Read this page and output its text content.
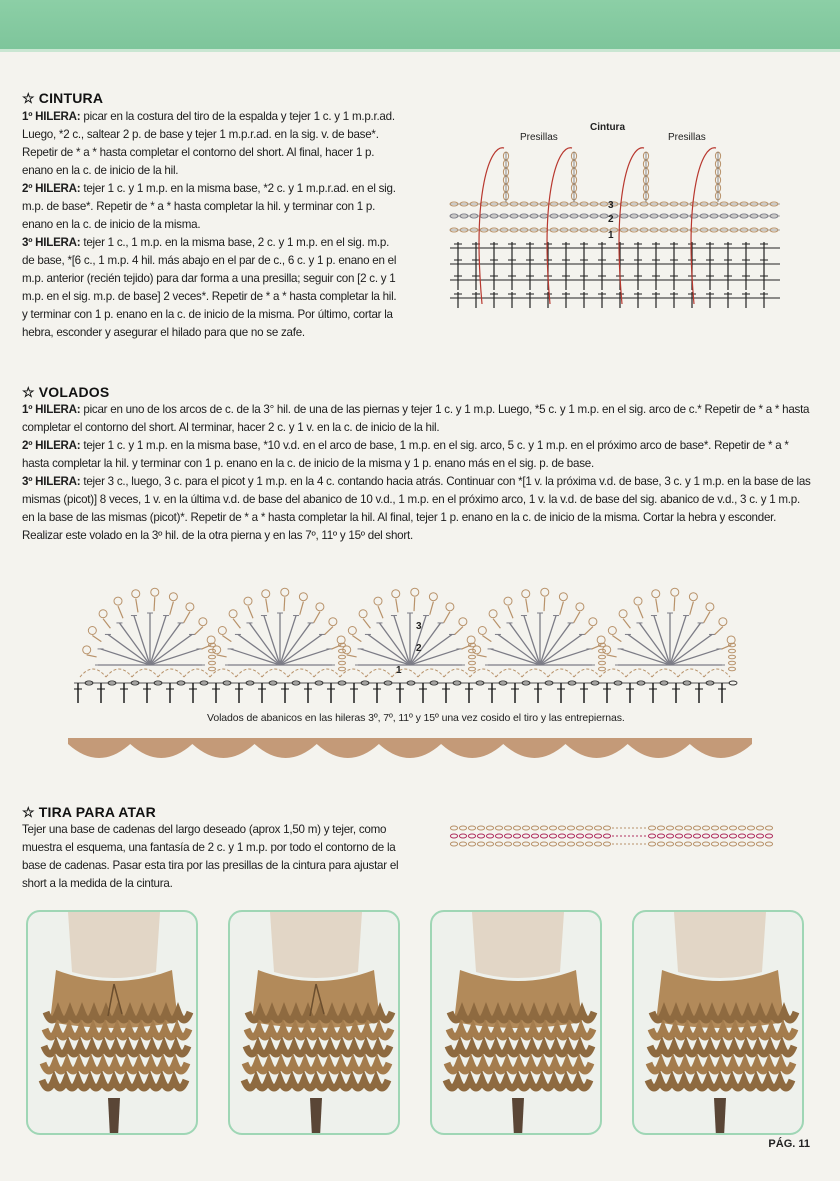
☆ CINTURA
1º HILERA: picar en la costura del tiro de la espalda y tejer 1 c. y 1 m.p.r.ad. Luego, *2 c., saltear 2 p. de base y tejer 1 m.p.r.ad. en la sig. v. de base*. Repetir de * a * hasta completar el contorno del short. Al final, hacer 1 p. enano en la c. de inicio de la hil.
2º HILERA: tejer 1 c. y 1 m.p. en la misma base, *2 c. y 1 m.p.r.ad. en el sig. m.p. de base*. Repetir de * a * hasta completar la hil. y terminar con 1 p. enano en la c. de inicio de la misma.
3º HILERA: tejer 1 c., 1 m.p. en la misma base, 2 c. y 1 m.p. en el sig. m.p. de base, *[6 c., 1 m.p. 4 hil. más abajo en el par de c., 6 c. y 1 p. enano en el m.p. anterior (recién tejido) para dar forma a una presilla; seguir con [2 c. y 1 m.p. en el sig. m.p. de base] 2 veces*. Repetir de * a * hasta completar la hil. y terminar con 1 p. enano en la c. de inicio de la misma. Por último, cortar la hebra, esconder y asegurar el hilado para que no se zafe.
Cintura
Presillas	Presillas
3
2
1
☆ VOLADOS
1º HILERA: picar en uno de los arcos de c. de la 3° hil. de una de las piernas y tejer 1 c. y 1 m.p. Luego, *5 c. y 1 m.p. en el sig. arco de c.* Repetir de * a * hasta completar el contorno del short. Al terminar, hacer 2 c. y 1 v. en la c. de inicio de la hil.
2º HILERA: tejer 1 c. y 1 m.p. en la misma base, *10 v.d. en el arco de base, 1 m.p. en el sig. arco, 5 c. y 1 m.p. en el próximo arco de base*. Repetir de * a * hasta completar la hil. y terminar con 1 p. enano en la c. de inicio de la misma y 1 p. enano más en el sig. p. de base.
3º HILERA: tejer 3 c., luego, 3 c. para el picot y 1 m.p. en la 4 c. contando hacia atrás. Continuar con *[1 v. la próxima v.d. de base, 3 c. y 1 m.p. en la base de las mismas (picot)] 8 veces, 1 v. en la última v.d. de base del abanico de 10 v.d., 1 m.p. en el próximo arco, 1 v. la v.d. de base del sig. abanico de v.d., 3 c. y 1 m.p. en la base de las mismas (picot)*. Repetir de * a * hasta completar la hil. Al final, tejer 1 p. enano en la c. de inicio de la misma. Cortar la hebra y esconder.
Realizar este volado en la 3º hil. de la otra pierna y en las 7º, 11º y 15º del short.
3
2
1
Volados de abanicos en las hileras 3º, 7º, 11º y 15º una vez cosido el tiro y las entrepiernas.
☆ TIRA PARA ATAR
Tejer una base de cadenas del largo deseado (aprox 1,50 m) y tejer, como muestra el esquema, una fantasía de 2 c. y 1 m.p. por todo el contorno de la base de cadenas. Pasar esta tira por las presillas de la cintura para ajustar el short a la medida de la cintura.
PÁG. 11
